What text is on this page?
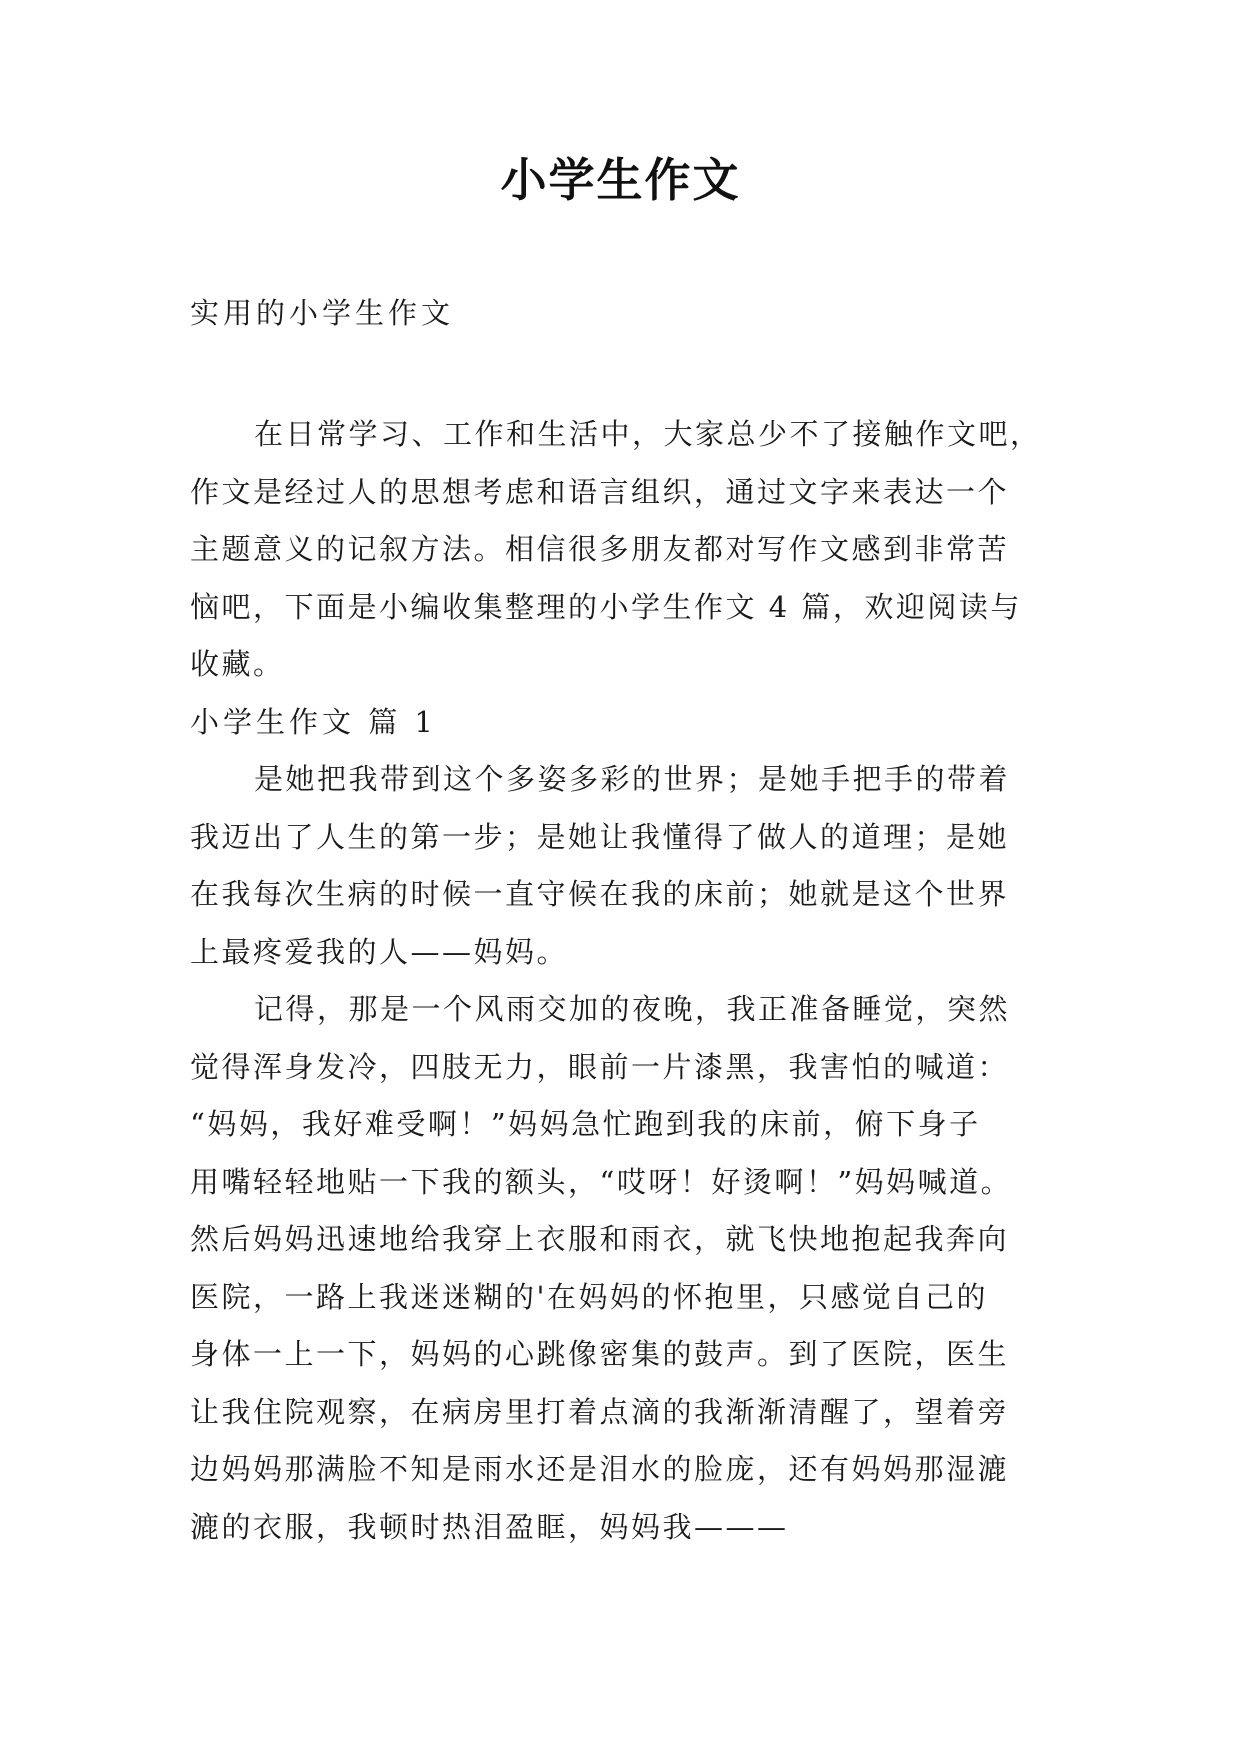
小学生作文
实用的小学生作文
在日常学习、工作和生活中，大家总少不了接触作文吧，
作文是经过人的思想考虑和语言组织，通过文字来表达一个
主题意义的记叙方法。相信很多朋友都对写作文感到非常苦
恼吧，下面是小编收集整理的小学生作文 4 篇，欢迎阅读与
收藏。
小学生作文 篇 1
是她把我带到这个多姿多彩的世界；是她手把手的带着
我迈出了人生的第一步；是她让我懂得了做人的道理；是她
在我每次生病的时候一直守候在我的床前；她就是这个世界
上最疼爱我的人——妈妈。
记得，那是一个风雨交加的夜晚，我正准备睡觉，突然
觉得浑身发冷，四肢无力，眼前一片漆黑，我害怕的喊道：
“妈妈，我好难受啊！”妈妈急忙跑到我的床前，俯下身子
用嘴轻轻地贴一下我的额头，“哎呀！好烫啊！”妈妈喊道。
然后妈妈迅速地给我穿上衣服和雨衣，就飞快地抱起我奔向
医院，一路上我迷迷糊的'在妈妈的怀抱里，只感觉自己的
身体一上一下，妈妈的心跳像密集的鼓声。到了医院，医生
让我住院观察，在病房里打着点滴的我渐渐清醒了，望着旁
边妈妈那满脸不知是雨水还是泪水的脸庞，还有妈妈那湿漉
漉的衣服，我顿时热泪盈眶，妈妈我———
